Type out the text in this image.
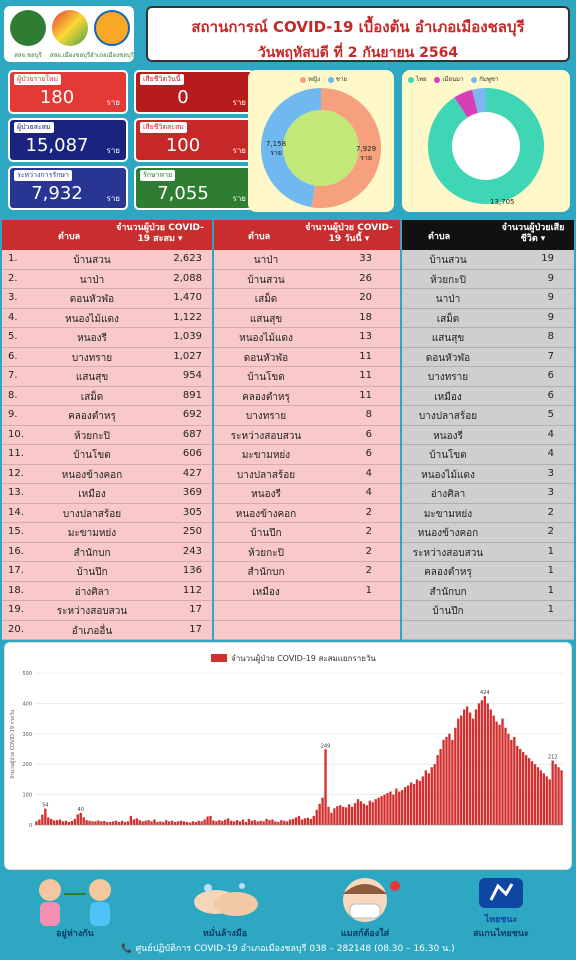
สสจ.ชลบุรี	สสอ.เมืองชลบุรี อำเภอเมืองชลบุรี
สถานการณ์ COVID-19 เบื้องต้น อำเภอเมืองชลบุรี
วันพฤหัสบดี ที่ 2 กันยายน 2564
ผู้ป่วยรายใหม่
180	ราย
เสียชีวิตวันนี้
0	ราย
ผู้ป่วยสะสม
15,087	ราย
เสียชีวิตสะสม
100	ราย
ระหว่างการรักษา
7,932	ราย
รักษาหาย
7,055	ราย
หญิง	ชาย
7,158
ราย	7,929
ราย
ไทย	เมียนมา	กัมพูชา
13,705
ตำบล
จำนวนผู้ป่วย COVID-19 สะสม ▾
1.	บ้านสวน	2,623
2.	นาป่า	2,088
3.	ดอนหัวฬ่อ	1,470
4.	หนองไม้แดง	1,122
5.	หนองรี	1,039
6.	บางทราย	1,027
7.	แสนสุข	954
8.	เสม็ด	891
9.	คลองตำหรุ	692
10.	ห้วยกะปิ	687
11.	บ้านโขด	606
12.	หนองข้างคอก	427
13.	เหมือง	369
14.	บางปลาสร้อย	305
15.	มะขามหย่ง	250
16.	สำนักบก	243
17.	บ้านปึก	136
18.	อ่างศิลา	112
19.	ระหว่างสอบสวน	17
20.	อำเภออื่น	17
ตำบล
จำนวนผู้ป่วย COVID-19 วันนี้ ▾
นาป่า	33
บ้านสวน	26
เสม็ด	20
แสนสุข	18
หนองไม้แดง	13
ดอนหัวฬ่อ	11
บ้านโขด	11
คลองตำหรุ	11
บางทราย	8
ระหว่างสอบสวน	6
มะขามหย่ง	6
บางปลาสร้อย	4
หนองรี	4
หนองข้างคอก	2
บ้านปึก	2
ห้วยกะปิ	2
สำนักบก	2
เหมือง	1
ตำบล
จำนวนผู้ป่วยเสียชีวิต ▾
บ้านสวน	19
ห้วยกะปิ	9
นาป่า	9
เสม็ด	9
แสนสุข	8
ดอนหัวฬ่อ	7
บางทราย	6
เหมือง	6
บางปลาสร้อย	5
หนองรี	4
บ้านโขด	4
หนองไม้แดง	3
อ่างศิลา	3
มะขามหย่ง	2
หนองข้างคอก	2
ระหว่างสอบสวน	1
คลองตำหรุ	1
สำนักบก	1
บ้านปึก	1
จำนวนผู้ป่วย COVID-19 สะสมแยกรายวัน
จำนวนผู้ป่วย COVID-19 รายวัน
0
100
200
300
400
500
54
40
249
424
212
อยู่ห่างกัน	หมั่นล้างมือ	แมสก์ต้องใส่
ไทยชนะ
สแกนไทยชนะ
📞 ศูนย์ปฏิบัติการ COVID-19 อำเภอเมืองชลบุรี 038 – 282148 (08.30 – 16.30 น.)
